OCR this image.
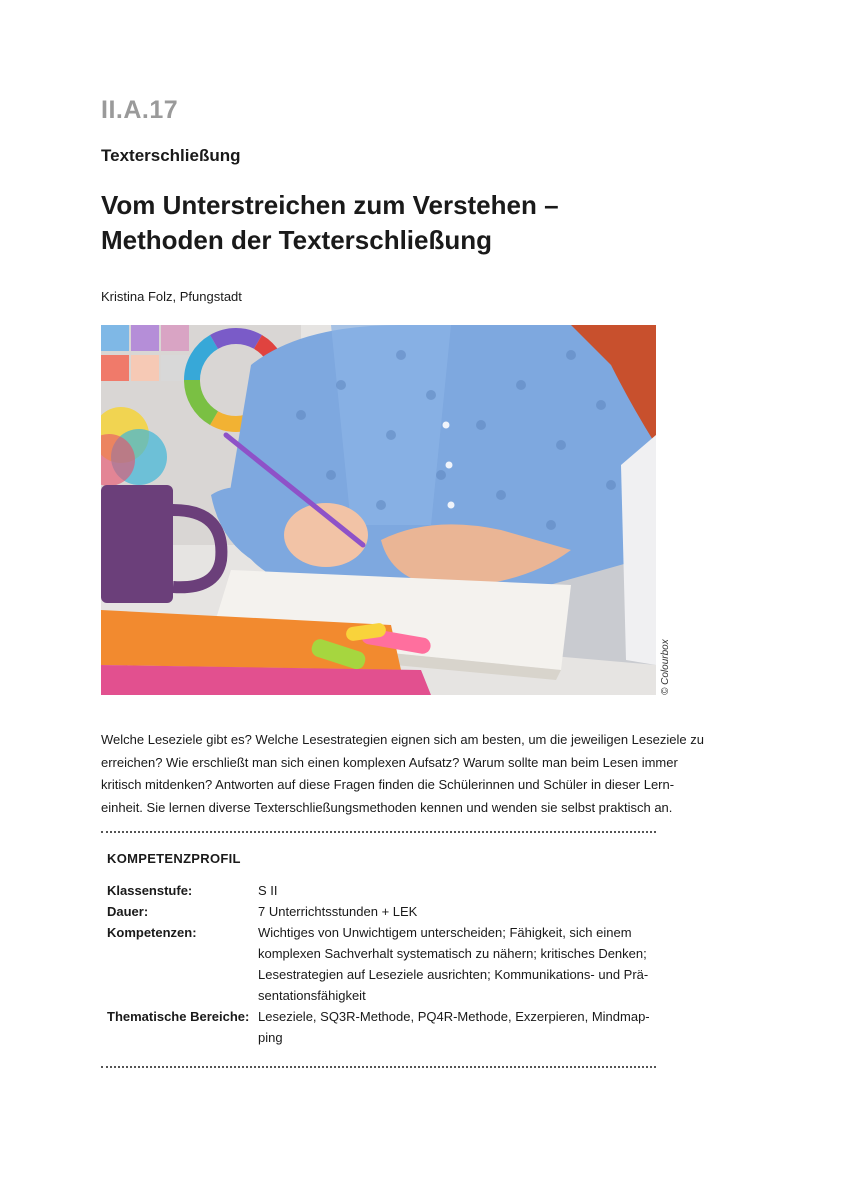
II.A.17
Texterschließung
Vom Unterstreichen zum Verstehen –
Methoden der Texterschließung
Kristina Folz, Pfungstadt
© Colourbox
Welche Leseziele gibt es? Welche Lesestrategien eignen sich am besten, um die jeweiligen Leseziele zu
erreichen? Wie erschließt man sich einen komplexen Aufsatz? Warum sollte man beim Lesen immer
kritisch mitdenken? Antworten auf diese Fragen finden die Schülerinnen und Schüler in dieser Lern-
einheit. Sie lernen diverse Texterschließungsmethoden kennen und wenden sie selbst praktisch an.
KOMPETENZPROFIL
Klassenstufe:	S II
Dauer:	7 Unterrichtsstunden + LEK
Kompetenzen:	Wichtiges von Unwichtigem unterscheiden; Fähigkeit, sich einem
komplexen Sachverhalt systematisch zu nähern; kritisches Denken;
Lesestrategien auf Leseziele ausrichten; Kommunikations- und Prä-
sentationsfähigkeit
Thematische Bereiche: Leseziele, SQ3R-Methode, PQ4R-Methode, Exzerpieren, Mindmap-
ping
